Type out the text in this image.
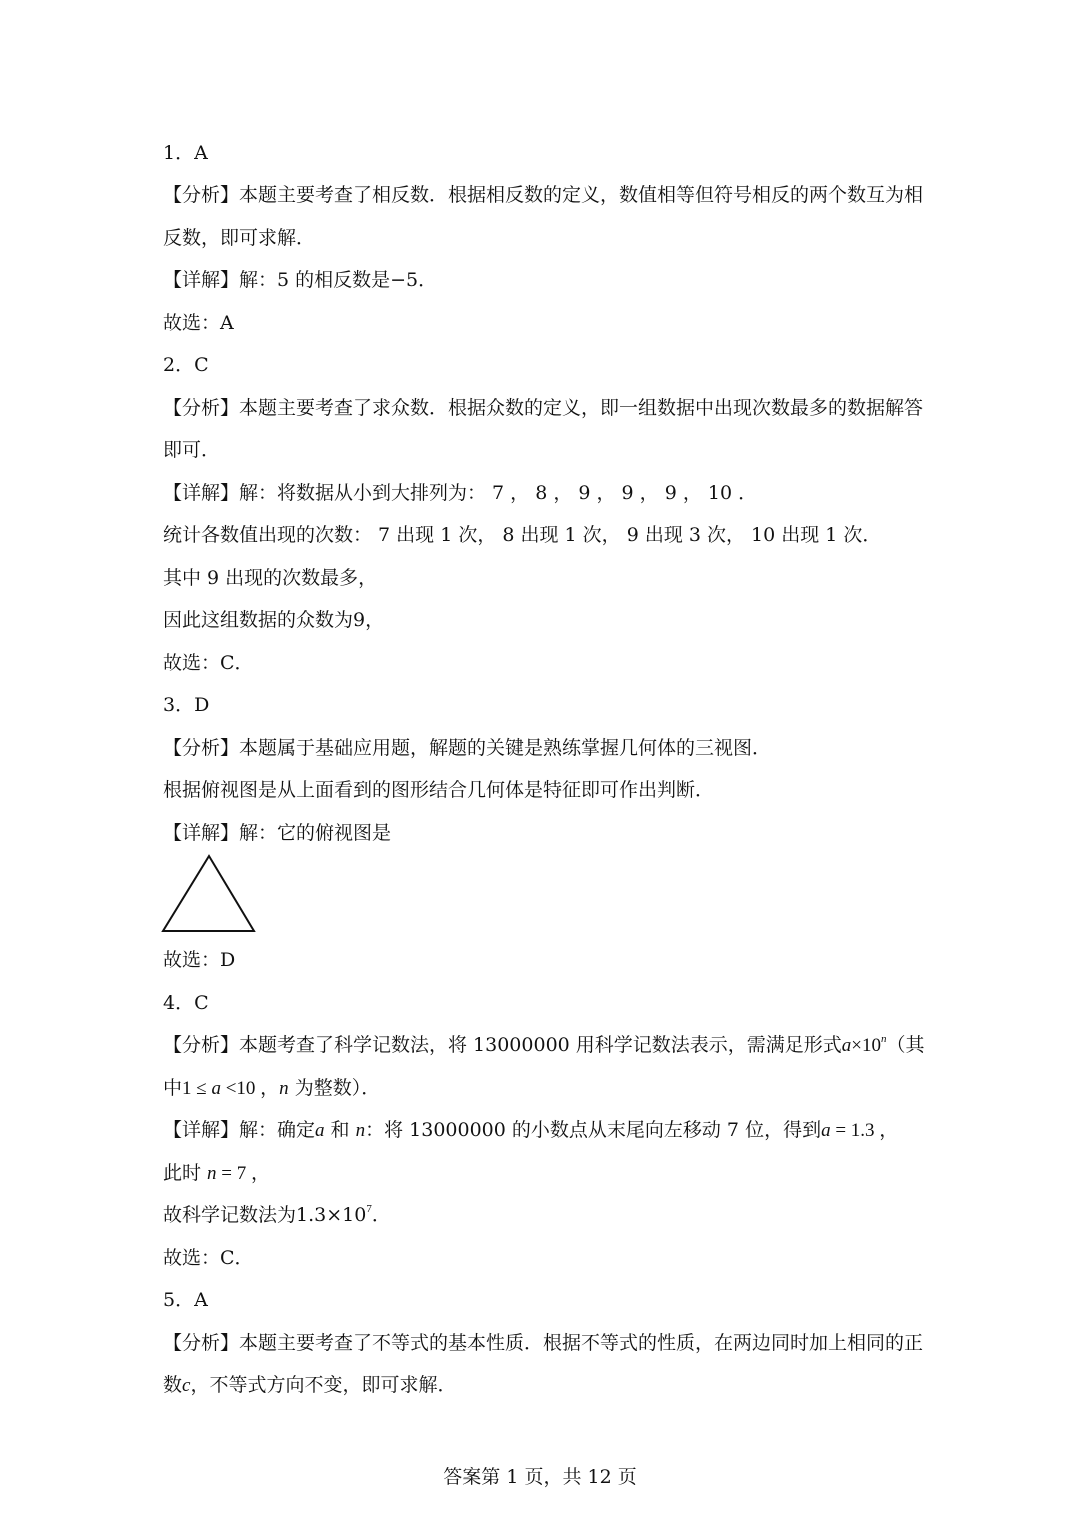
1．A
【分析】本题主要考查了相反数．根据相反数的定义，数值相等但符号相反的两个数互为相
反数，即可求解．
【详解】解：5 的相反数是−5．
故选：A
2．C
【分析】本题主要考查了求众数．根据众数的定义，即一组数据中出现次数最多的数据解答
即可．
【详解】解：将数据从小到大排列为： 7 ， 8 ， 9 ， 9 ， 9 ， 10 ．
统计各数值出现的次数： 7 出现 1 次， 8 出现 1 次， 9 出现 3 次， 10 出现 1 次．
其中 9 出现的次数最多，
因此这组数据的众数为9，
故选：C．
3．D
【分析】本题属于基础应用题，解题的关键是熟练掌握几何体的三视图．
根据俯视图是从上面看到的图形结合几何体是特征即可作出判断．
【详解】解：它的俯视图是
故选：D
4．C
【分析】本题考查了科学记数法，将 13000000 用科学记数法表示，需满足形式$a\times 10^n$（其
中1 ≤ a <10 ，n 为整数）．
【详解】解：确定a 和 n：将 13000000 的小数点从末尾向左移动 7 位，得到a = 1.3 ，
此时 n = 7 ，
故科学记数法为$1.3\times 10^7$．
故选：C．
5．A
【分析】本题主要考查了不等式的基本性质．根据不等式的性质，在两边同时加上相同的正
数c，不等式方向不变，即可求解．
答案第 1 页，共 12 页
